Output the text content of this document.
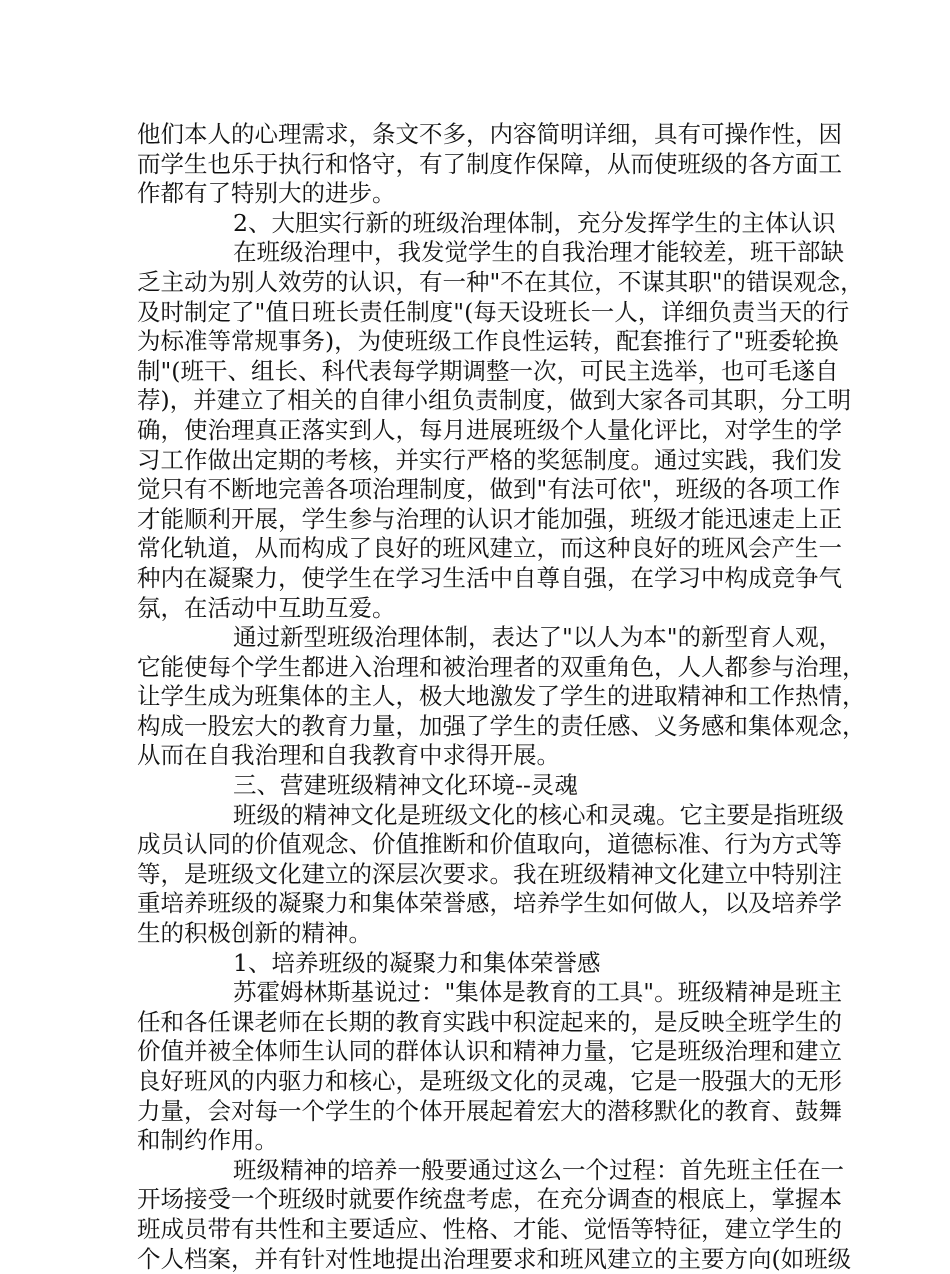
他们本人的心理需求，条文不多，内容简明详细，具有可操作性，因
而学生也乐于执行和恪守，有了制度作保障，从而使班级的各方面工
作都有了特别大的进步。
2、大胆实行新的班级治理体制，充分发挥学生的主体认识
在班级治理中，我发觉学生的自我治理才能较差，班干部缺
乏主动为别人效劳的认识，有一种"不在其位，不谋其职"的错误观念，
及时制定了"值日班长责任制度"(每天设班长一人，详细负责当天的行
为标准等常规事务)，为使班级工作良性运转，配套推行了"班委轮换
制"(班干、组长、科代表每学期调整一次，可民主选举，也可毛遂自
荐)，并建立了相关的自律小组负责制度，做到大家各司其职，分工明
确，使治理真正落实到人，每月进展班级个人量化评比，对学生的学
习工作做出定期的考核，并实行严格的奖惩制度。通过实践，我们发
觉只有不断地完善各项治理制度，做到"有法可依"，班级的各项工作
才能顺利开展，学生参与治理的认识才能加强，班级才能迅速走上正
常化轨道，从而构成了良好的班风建立，而这种良好的班风会产生一
种内在凝聚力，使学生在学习生活中自尊自强，在学习中构成竞争气
氛，在活动中互助互爱。
通过新型班级治理体制，表达了"以人为本"的新型育人观，
它能使每个学生都进入治理和被治理者的双重角色，人人都参与治理，
让学生成为班集体的主人，极大地激发了学生的进取精神和工作热情，
构成一股宏大的教育力量，加强了学生的责任感、义务感和集体观念，
从而在自我治理和自我教育中求得开展。
三、营建班级精神文化环境--灵魂
班级的精神文化是班级文化的核心和灵魂。它主要是指班级
成员认同的价值观念、价值推断和价值取向，道德标准、行为方式等
等，是班级文化建立的深层次要求。我在班级精神文化建立中特别注
重培养班级的凝聚力和集体荣誉感，培养学生如何做人，以及培养学
生的积极创新的精神。
1、培养班级的凝聚力和集体荣誉感
苏霍姆林斯基说过："集体是教育的工具"。班级精神是班主
任和各任课老师在长期的教育实践中积淀起来的，是反映全班学生的
价值并被全体师生认同的群体认识和精神力量，它是班级治理和建立
良好班风的内驱力和核心，是班级文化的灵魂，它是一股强大的无形
力量，会对每一个学生的个体开展起着宏大的潜移默化的教育、鼓舞
和制约作用。
班级精神的培养一般要通过这么一个过程：首先班主任在一
开场接受一个班级时就要作统盘考虑，在充分调查的根底上，掌握本
班成员带有共性和主要适应、性格、才能、觉悟等特征，建立学生的
个人档案，并有针对性地提出治理要求和班风建立的主要方向(如班级
